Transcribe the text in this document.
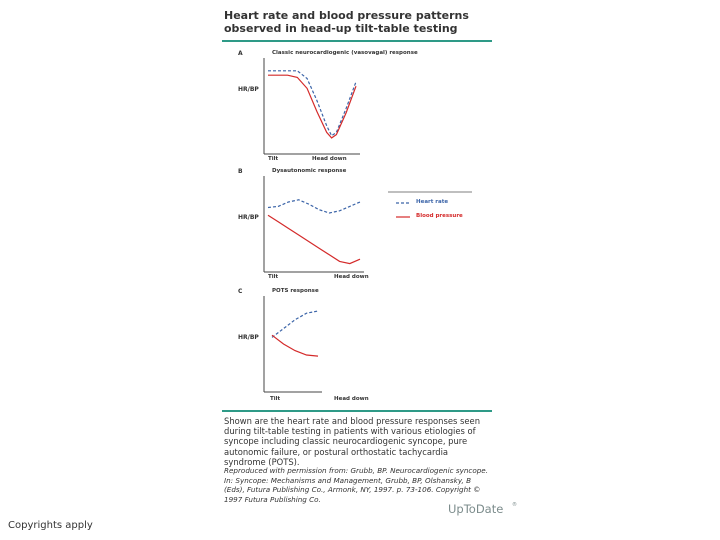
Heart rate and blood pressure patterns observed in head-up tilt-table testing
A	Classic neurocardiogenic (vasovagal) response
HR/BP
Tilt	Head down
B	Dysautonomic response
HR/BP
Tilt	Head down
Heart rate
Blood pressure
C	POTS response
HR/BP
Tilt	Head down
Shown are the heart rate and blood pressure responses seen during tilt-table testing in patients with various etiologies of syncope including classic neurocardiogenic syncope, pure autonomic failure, or postural orthostatic tachycardia syndrome (POTS).
Reproduced with permission from: Grubb, BP. Neurocardiogenic syncope. In: Syncope: Mechanisms and Management, Grubb, BP, Olshansky, B (Eds), Futura Publishing Co., Armonk, NY, 1997. p. 73-106. Copyright © 1997 Futura Publishing Co.
UpToDate
Copyrights apply
®
